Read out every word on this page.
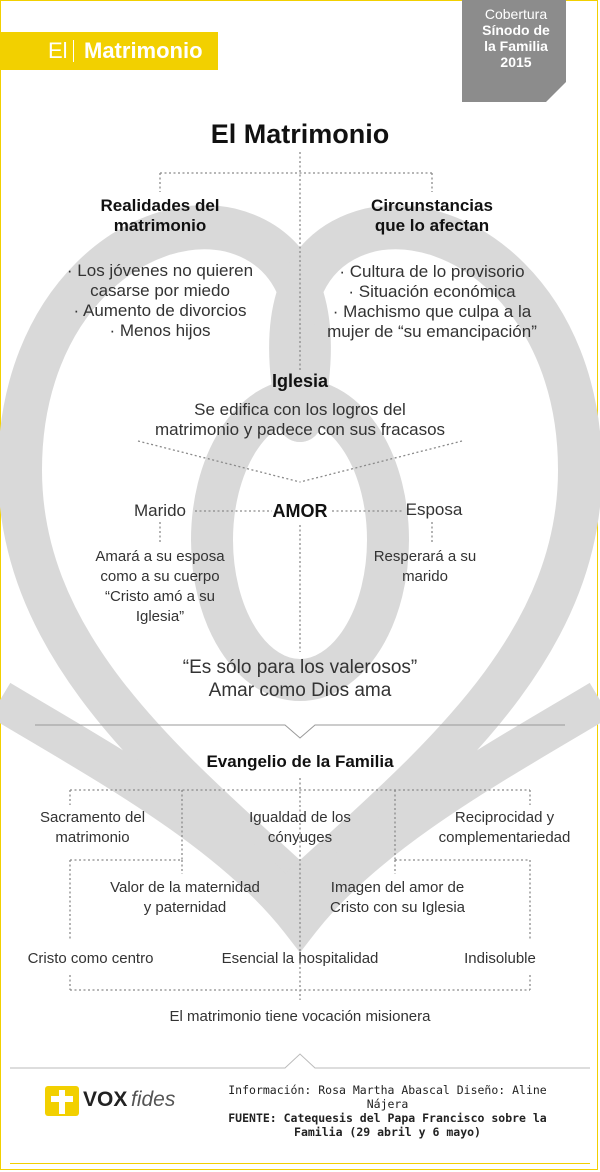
El Matrimonio
Cobertura
Sínodo de
la Familia
2015
El Matrimonio
Realidades del
matrimonio
· Los jóvenes no quieren
casarse por miedo
· Aumento de divorcios
· Menos hijos
Circunstancias
que lo afectan
· Cultura de lo provisorio
· Situación económica
· Machismo que culpa a la
mujer de “su emancipación”
Iglesia
Se edifica con los logros del
matrimonio y padece con sus fracasos
AMOR
Marido	Esposa
Amará a su esposa
como a su cuerpo
“Cristo amó a su
Iglesia”
Resperará a su
marido
“Es sólo para los valerosos”
Amar como Dios ama
Evangelio de la Familia
Sacramento del
matrimonio
Igualdad de los
cónyuges
Reciprocidad y
complementariedad
Valor de la maternidad
y paternidad
Imagen del amor de
Cristo con su Iglesia
Cristo como centro	Esencial la hospitalidad	Indisoluble
El matrimonio tiene vocación misionera
VOX fides	Información: Rosa Martha Abascal Diseño: Aline Nájera
FUENTE: Catequesis del Papa Francisco sobre la
Familia (29 abril y 6 mayo)
